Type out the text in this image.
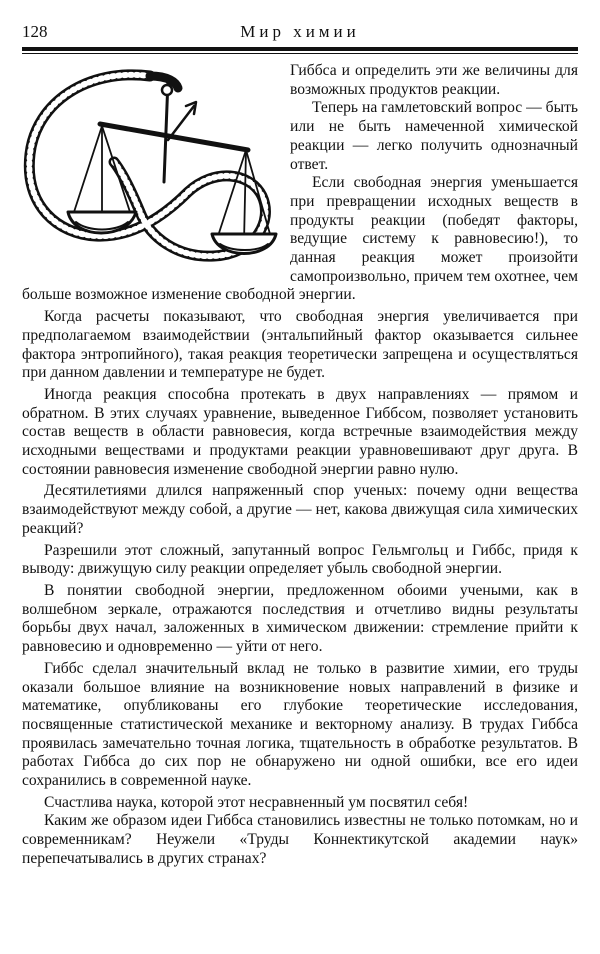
Мир химии
128

Гиббса и определить эти же величины для возможных продуктов реакции.

Теперь на гамлетовский вопрос — быть или не быть намеченной химической реакции — легко получить однозначный ответ.

Если свободная энергия уменьшается при превращении исходных веществ в продукты реакции (победят факторы, ведущие систему к равновесию!), то данная реакция может произойти самопроизвольно, причем тем охотнее, чем больше возможное изменение свободной энергии.

Когда расчеты показывают, что свободная энергия увеличивается при предполагаемом взаимодействии (энтальпийный фактор оказывается сильнее фактора энтропийного), такая реакция теоретически запрещена и осуществляться при данном давлении и температуре не будет.

Иногда реакция способна протекать в двух направлениях — прямом и обратном. В этих случаях уравнение, выведенное Гиббсом, позволяет установить состав веществ в области равновесия, когда встречные взаимодействия между исходными веществами и продуктами реакции уравновешивают друг друга. В состоянии равновесия изменение свободной энергии равно нулю.

Десятилетиями длился напряженный спор ученых: почему одни вещества взаимодействуют между собой, а другие — нет, какова движущая сила химических реакций?

Разрешили этот сложный, запутанный вопрос Гельмгольц и Гиббс, придя к выводу: движущую силу реакции определяет убыль свободной энергии.

В понятии свободной энергии, предложенном обоими учеными, как в волшебном зеркале, отражаются последствия и отчетливо видны результаты борьбы двух начал, заложенных в химическом движении: стремление прийти к равновесию и одновременно — уйти от него.

Гиббс сделал значительный вклад не только в развитие химии, его труды оказали большое влияние на возникновение новых направлений в физике и математике, опубликованы его глубокие теоретические исследования, посвященные статистической механике и векторному анализу. В трудах Гиббса проявилась замечательно точная логика, тщательность в обработке результатов. В работах Гиббса до сих пор не обнаружено ни одной ошибки, все его идеи сохранились в современной науке.

Счастлива наука, которой этот несравненный ум посвятил себя!

Каким же образом идеи Гиббса становились известны не только потомкам, но и современникам? Неужели «Труды Коннектикутской академии наук» перепечатывались в других странах?
